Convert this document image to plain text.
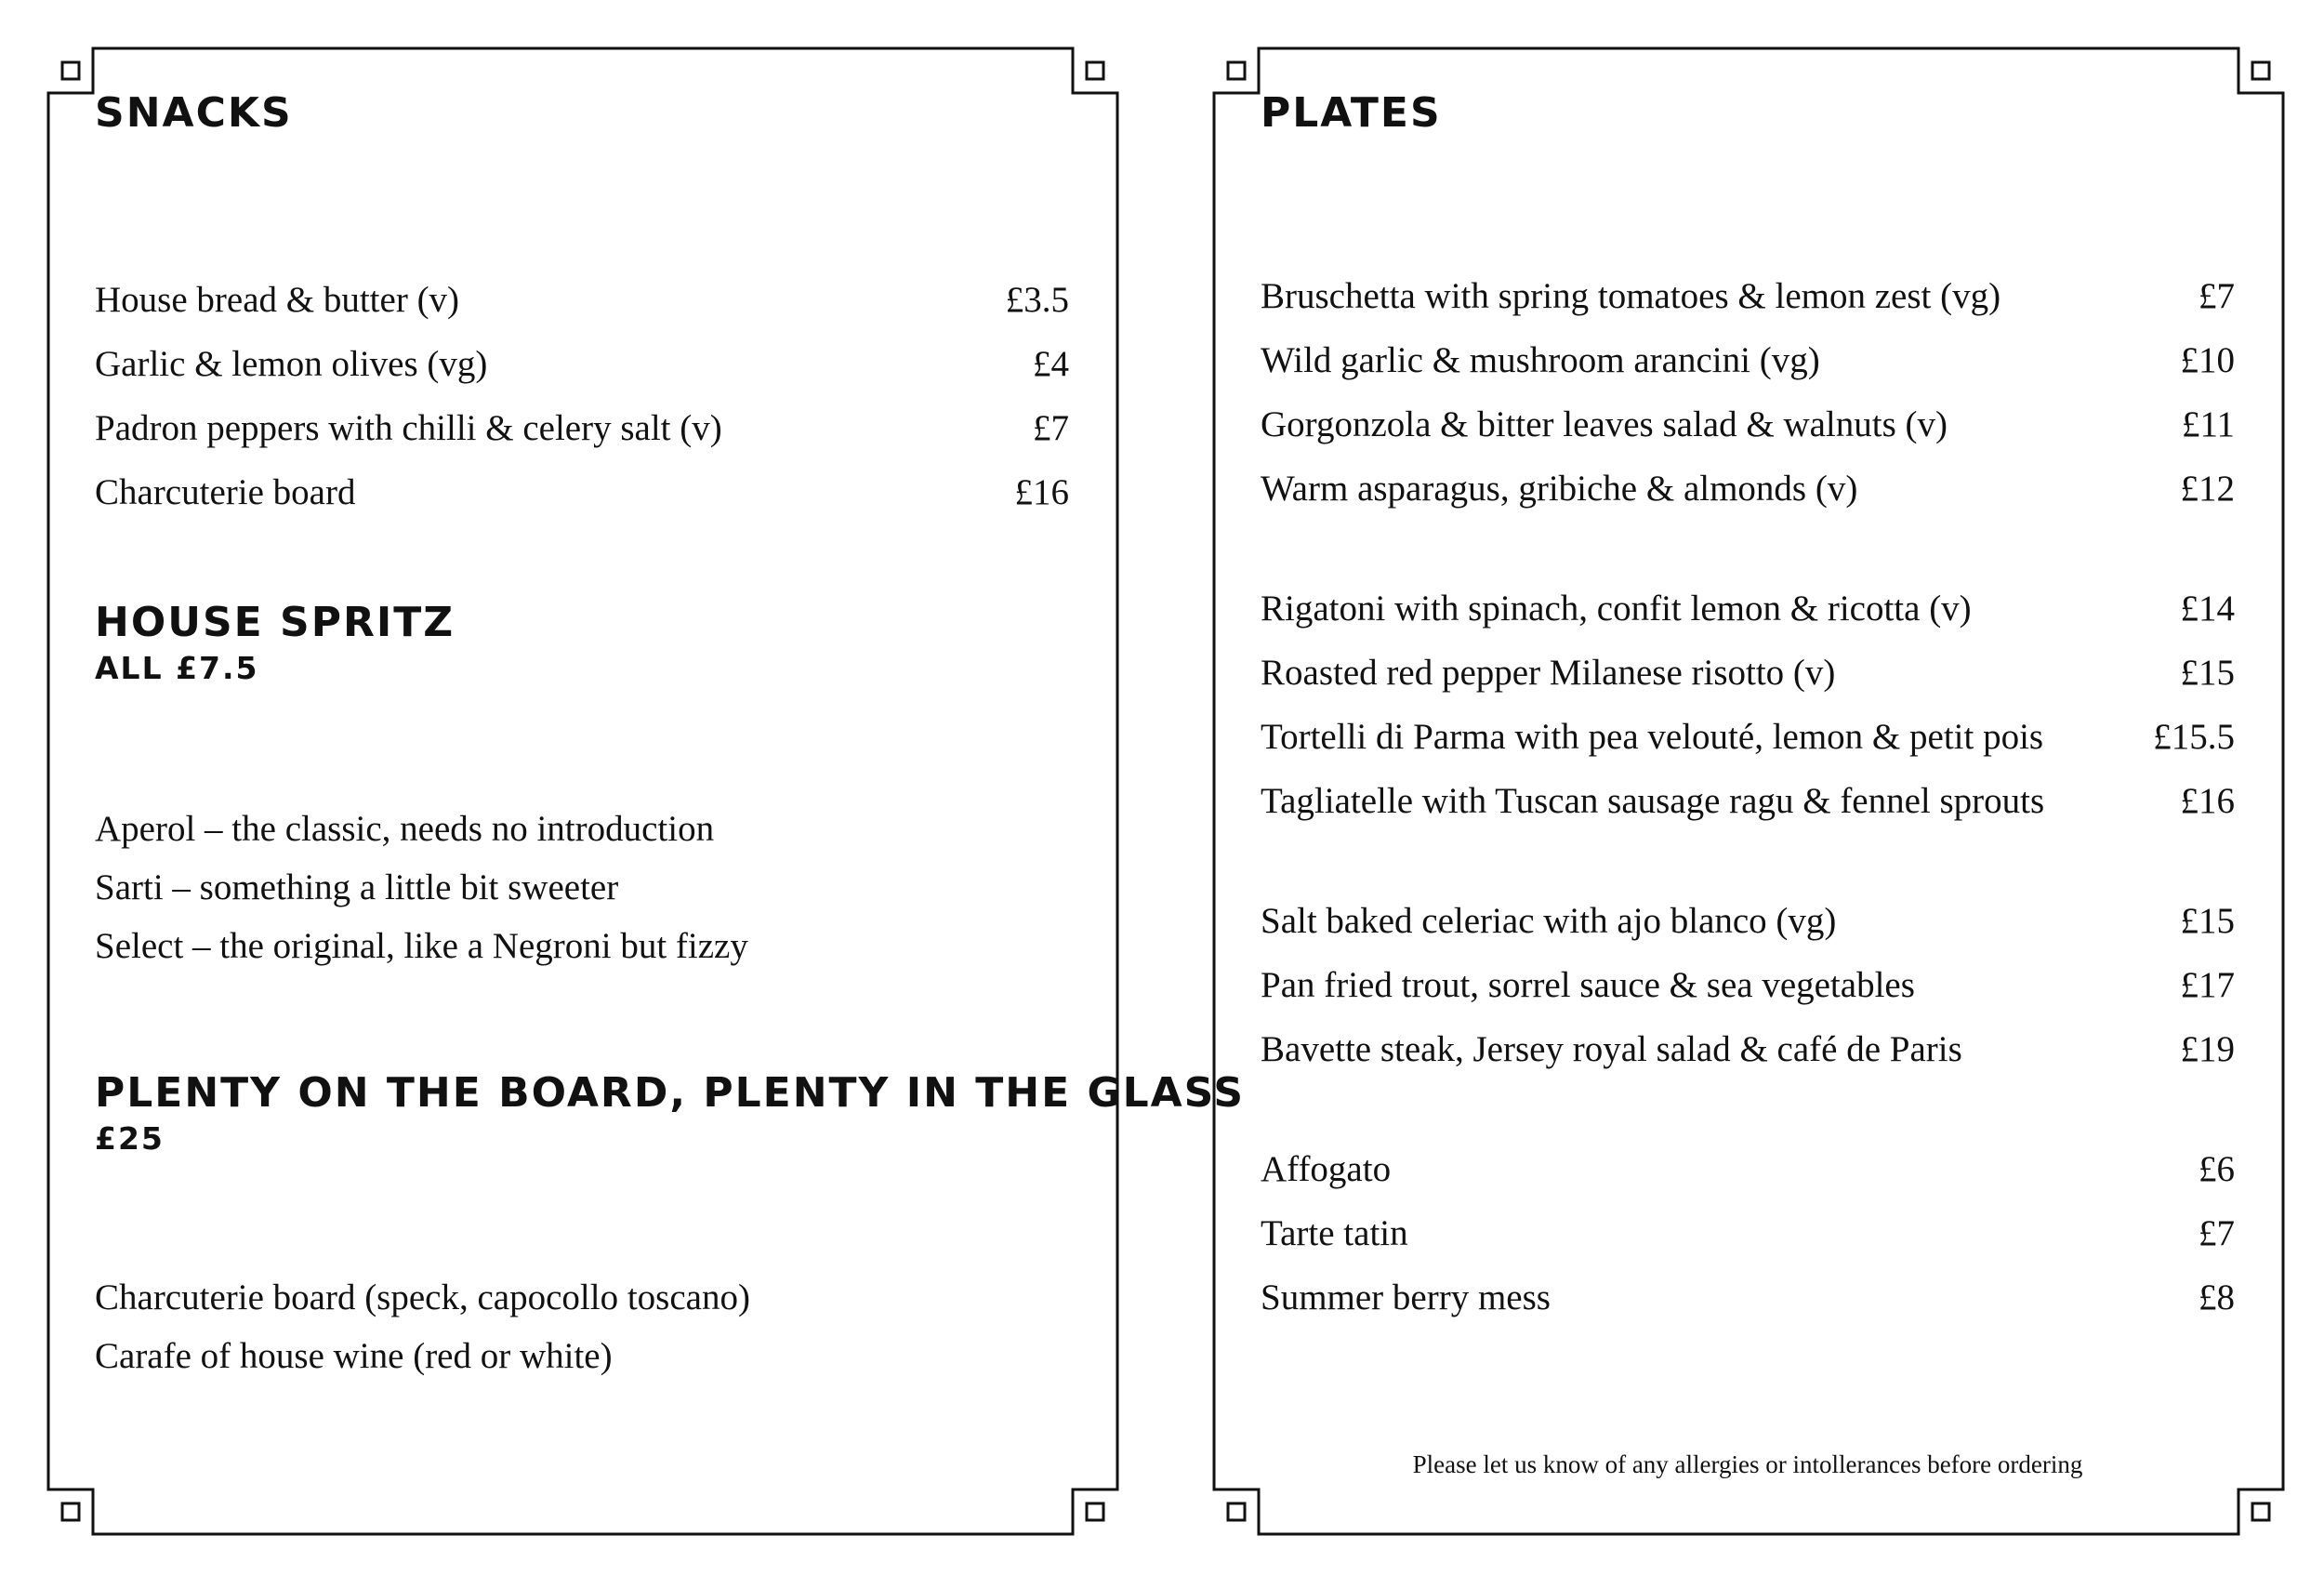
SNACKS
House bread & butter (v)	£3.5
Garlic & lemon olives (vg)	£4
Padron peppers with chilli & celery salt (v)	£7
Charcuterie board	£16
HOUSE SPRITZ
ALL £7.5
Aperol – the classic, needs no introduction
Sarti – something a little bit sweeter
Select – the original, like a Negroni but fizzy
PLENTY ON THE BOARD, PLENTY IN THE GLASS
£25
Charcuterie board (speck, capocollo toscano)
Carafe of house wine (red or white)
PLATES
Bruschetta with spring tomatoes & lemon zest (vg)	£7
Wild garlic & mushroom arancini (vg)	£10
Gorgonzola & bitter leaves salad & walnuts (v)	£11
Warm asparagus, gribiche & almonds (v)	£12
Rigatoni with spinach, confit lemon & ricotta (v)	£14
Roasted red pepper Milanese risotto (v)	£15
Tortelli di Parma with pea velouté, lemon & petit pois	£15.5
Tagliatelle with Tuscan sausage ragu & fennel sprouts	£16
Salt baked celeriac with ajo blanco (vg)	£15
Pan fried trout, sorrel sauce & sea vegetables	£17
Bavette steak, Jersey royal salad & café de Paris	£19
Affogato	£6
Tarte tatin	£7
Summer berry mess	£8
Please let us know of any allergies or intollerances before ordering
